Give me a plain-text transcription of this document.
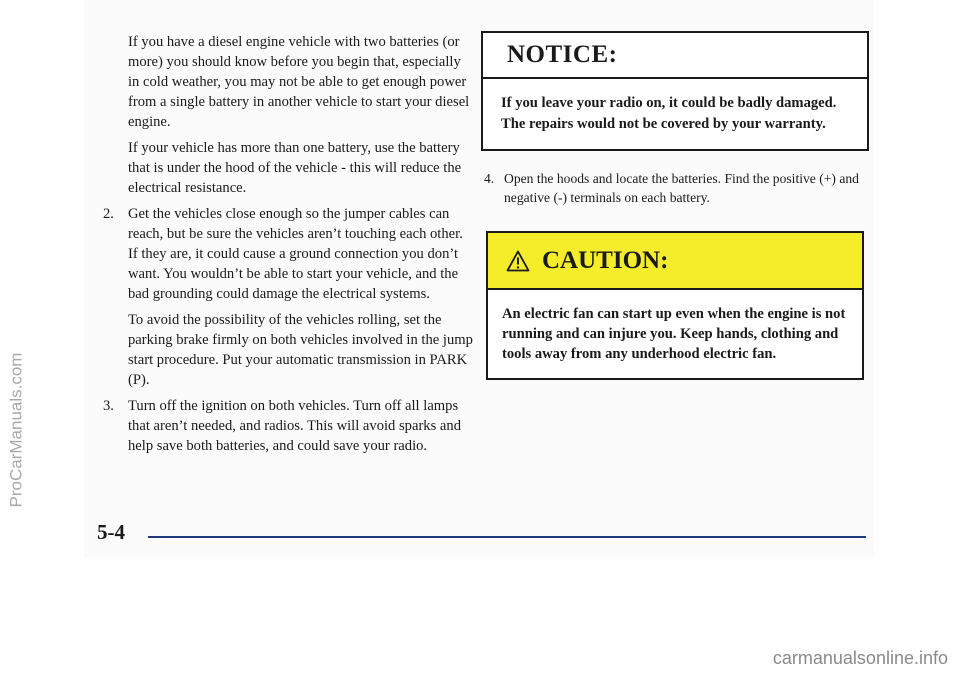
ProCarManuals.com

If you have a diesel engine vehicle with two batteries (or more) you should know before you begin that, especially in cold weather, you may not be able to get enough power from a single battery in another vehicle to start your diesel engine.

If your vehicle has more than one battery, use the battery that is under the hood of the vehicle - this will reduce the electrical resistance.

2. Get the vehicles close enough so the jumper cables can reach, but be sure the vehicles aren’t touching each other. If they are, it could cause a ground connection you don’t want. You wouldn’t be able to start your vehicle, and the bad grounding could damage the electrical systems.

To avoid the possibility of the vehicles rolling, set the parking brake firmly on both vehicles involved in the jump start procedure. Put your automatic transmission in PARK (P).

3. Turn off the ignition on both vehicles. Turn off all lamps that aren’t needed, and radios. This will avoid sparks and help save both batteries, and could save your radio.
NOTICE:
If you leave your radio on, it could be badly damaged. The repairs would not be covered by your warranty.
4. Open the hoods and locate the batteries. Find the positive (+) and negative (-) terminals on each battery.
CAUTION:
An electric fan can start up even when the engine is not running and can injure you. Keep hands, clothing and tools away from any underhood electric fan.
5-4
carmanualsonline.info
